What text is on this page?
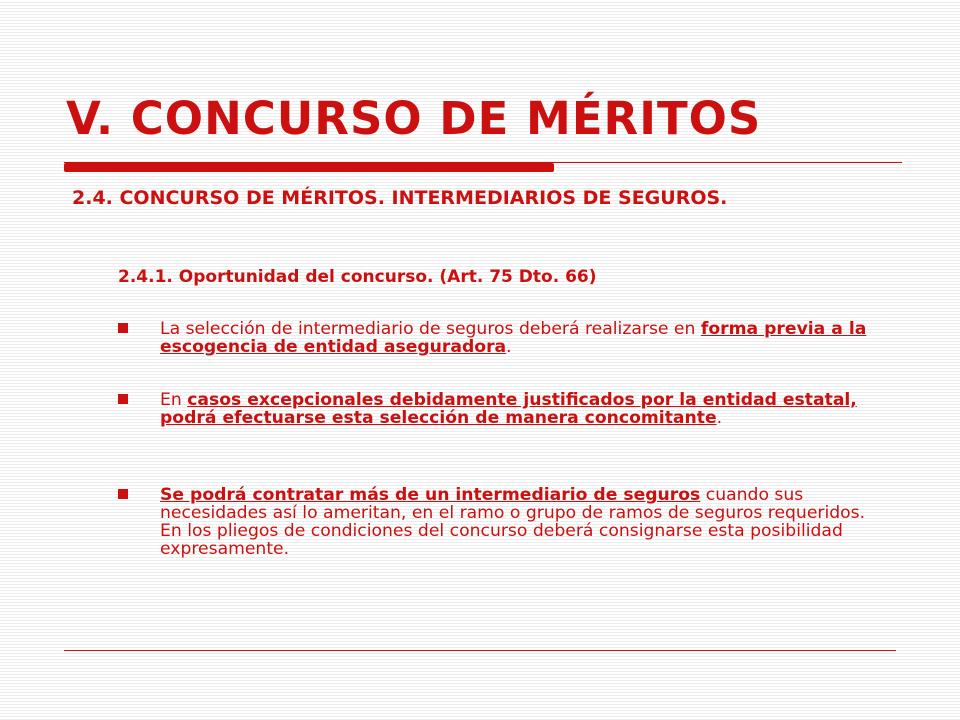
V. CONCURSO DE MÉRITOS

2.4. CONCURSO DE MÉRITOS. INTERMEDIARIOS DE SEGUROS.

2.4.1. Oportunidad del concurso. (Art. 75 Dto. 66)

La selección de intermediario de seguros deberá realizarse en forma previa a la escogencia de entidad aseguradora.
En casos excepcionales debidamente justificados por la entidad estatal, podrá efectuarse esta selección de manera concomitante.
Se podrá contratar más de un intermediario de seguros cuando sus necesidades así lo ameritan, en el ramo o grupo de ramos de seguros requeridos. En los pliegos de condiciones del concurso deberá consignarse esta posibilidad expresamente.
